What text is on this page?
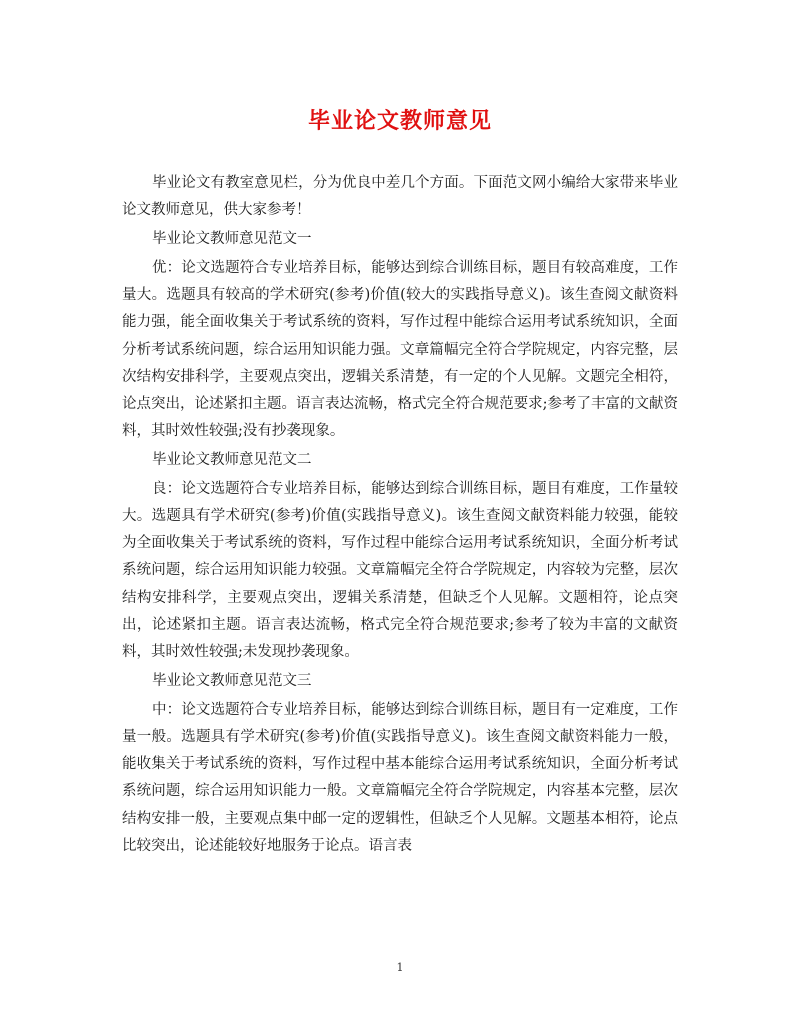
毕业论文教师意见

毕业论文有教室意见栏，分为优良中差几个方面。下面范文网小编给大家带来毕业论文教师意见，供大家参考！

毕业论文教师意见范文一

优：论文选题符合专业培养目标，能够达到综合训练目标，题目有较高难度，工作量大。选题具有较高的学术研究(参考)价值(较大的实践指导意义)。该生查阅文献资料能力强，能全面收集关于考试系统的资料，写作过程中能综合运用考试系统知识，全面分析考试系统问题，综合运用知识能力强。文章篇幅完全符合学院规定，内容完整，层次结构安排科学，主要观点突出，逻辑关系清楚，有一定的个人见解。文题完全相符，论点突出，论述紧扣主题。语言表达流畅，格式完全符合规范要求;参考了丰富的文献资料，其时效性较强;没有抄袭现象。

毕业论文教师意见范文二

良：论文选题符合专业培养目标，能够达到综合训练目标，题目有难度，工作量较大。选题具有学术研究(参考)价值(实践指导意义)。该生查阅文献资料能力较强，能较为全面收集关于考试系统的资料，写作过程中能综合运用考试系统知识，全面分析考试系统问题，综合运用知识能力较强。文章篇幅完全符合学院规定，内容较为完整，层次结构安排科学，主要观点突出，逻辑关系清楚，但缺乏个人见解。文题相符，论点突出，论述紧扣主题。语言表达流畅，格式完全符合规范要求;参考了较为丰富的文献资料，其时效性较强;未发现抄袭现象。

毕业论文教师意见范文三

中：论文选题符合专业培养目标，能够达到综合训练目标，题目有一定难度，工作量一般。选题具有学术研究(参考)价值(实践指导意义)。该生查阅文献资料能力一般，能收集关于考试系统的资料，写作过程中基本能综合运用考试系统知识，全面分析考试系统问题，综合运用知识能力一般。文章篇幅完全符合学院规定，内容基本完整，层次结构安排一般，主要观点集中邮一定的逻辑性，但缺乏个人见解。文题基本相符，论点比较突出，论述能较好地服务于论点。语言表

1
